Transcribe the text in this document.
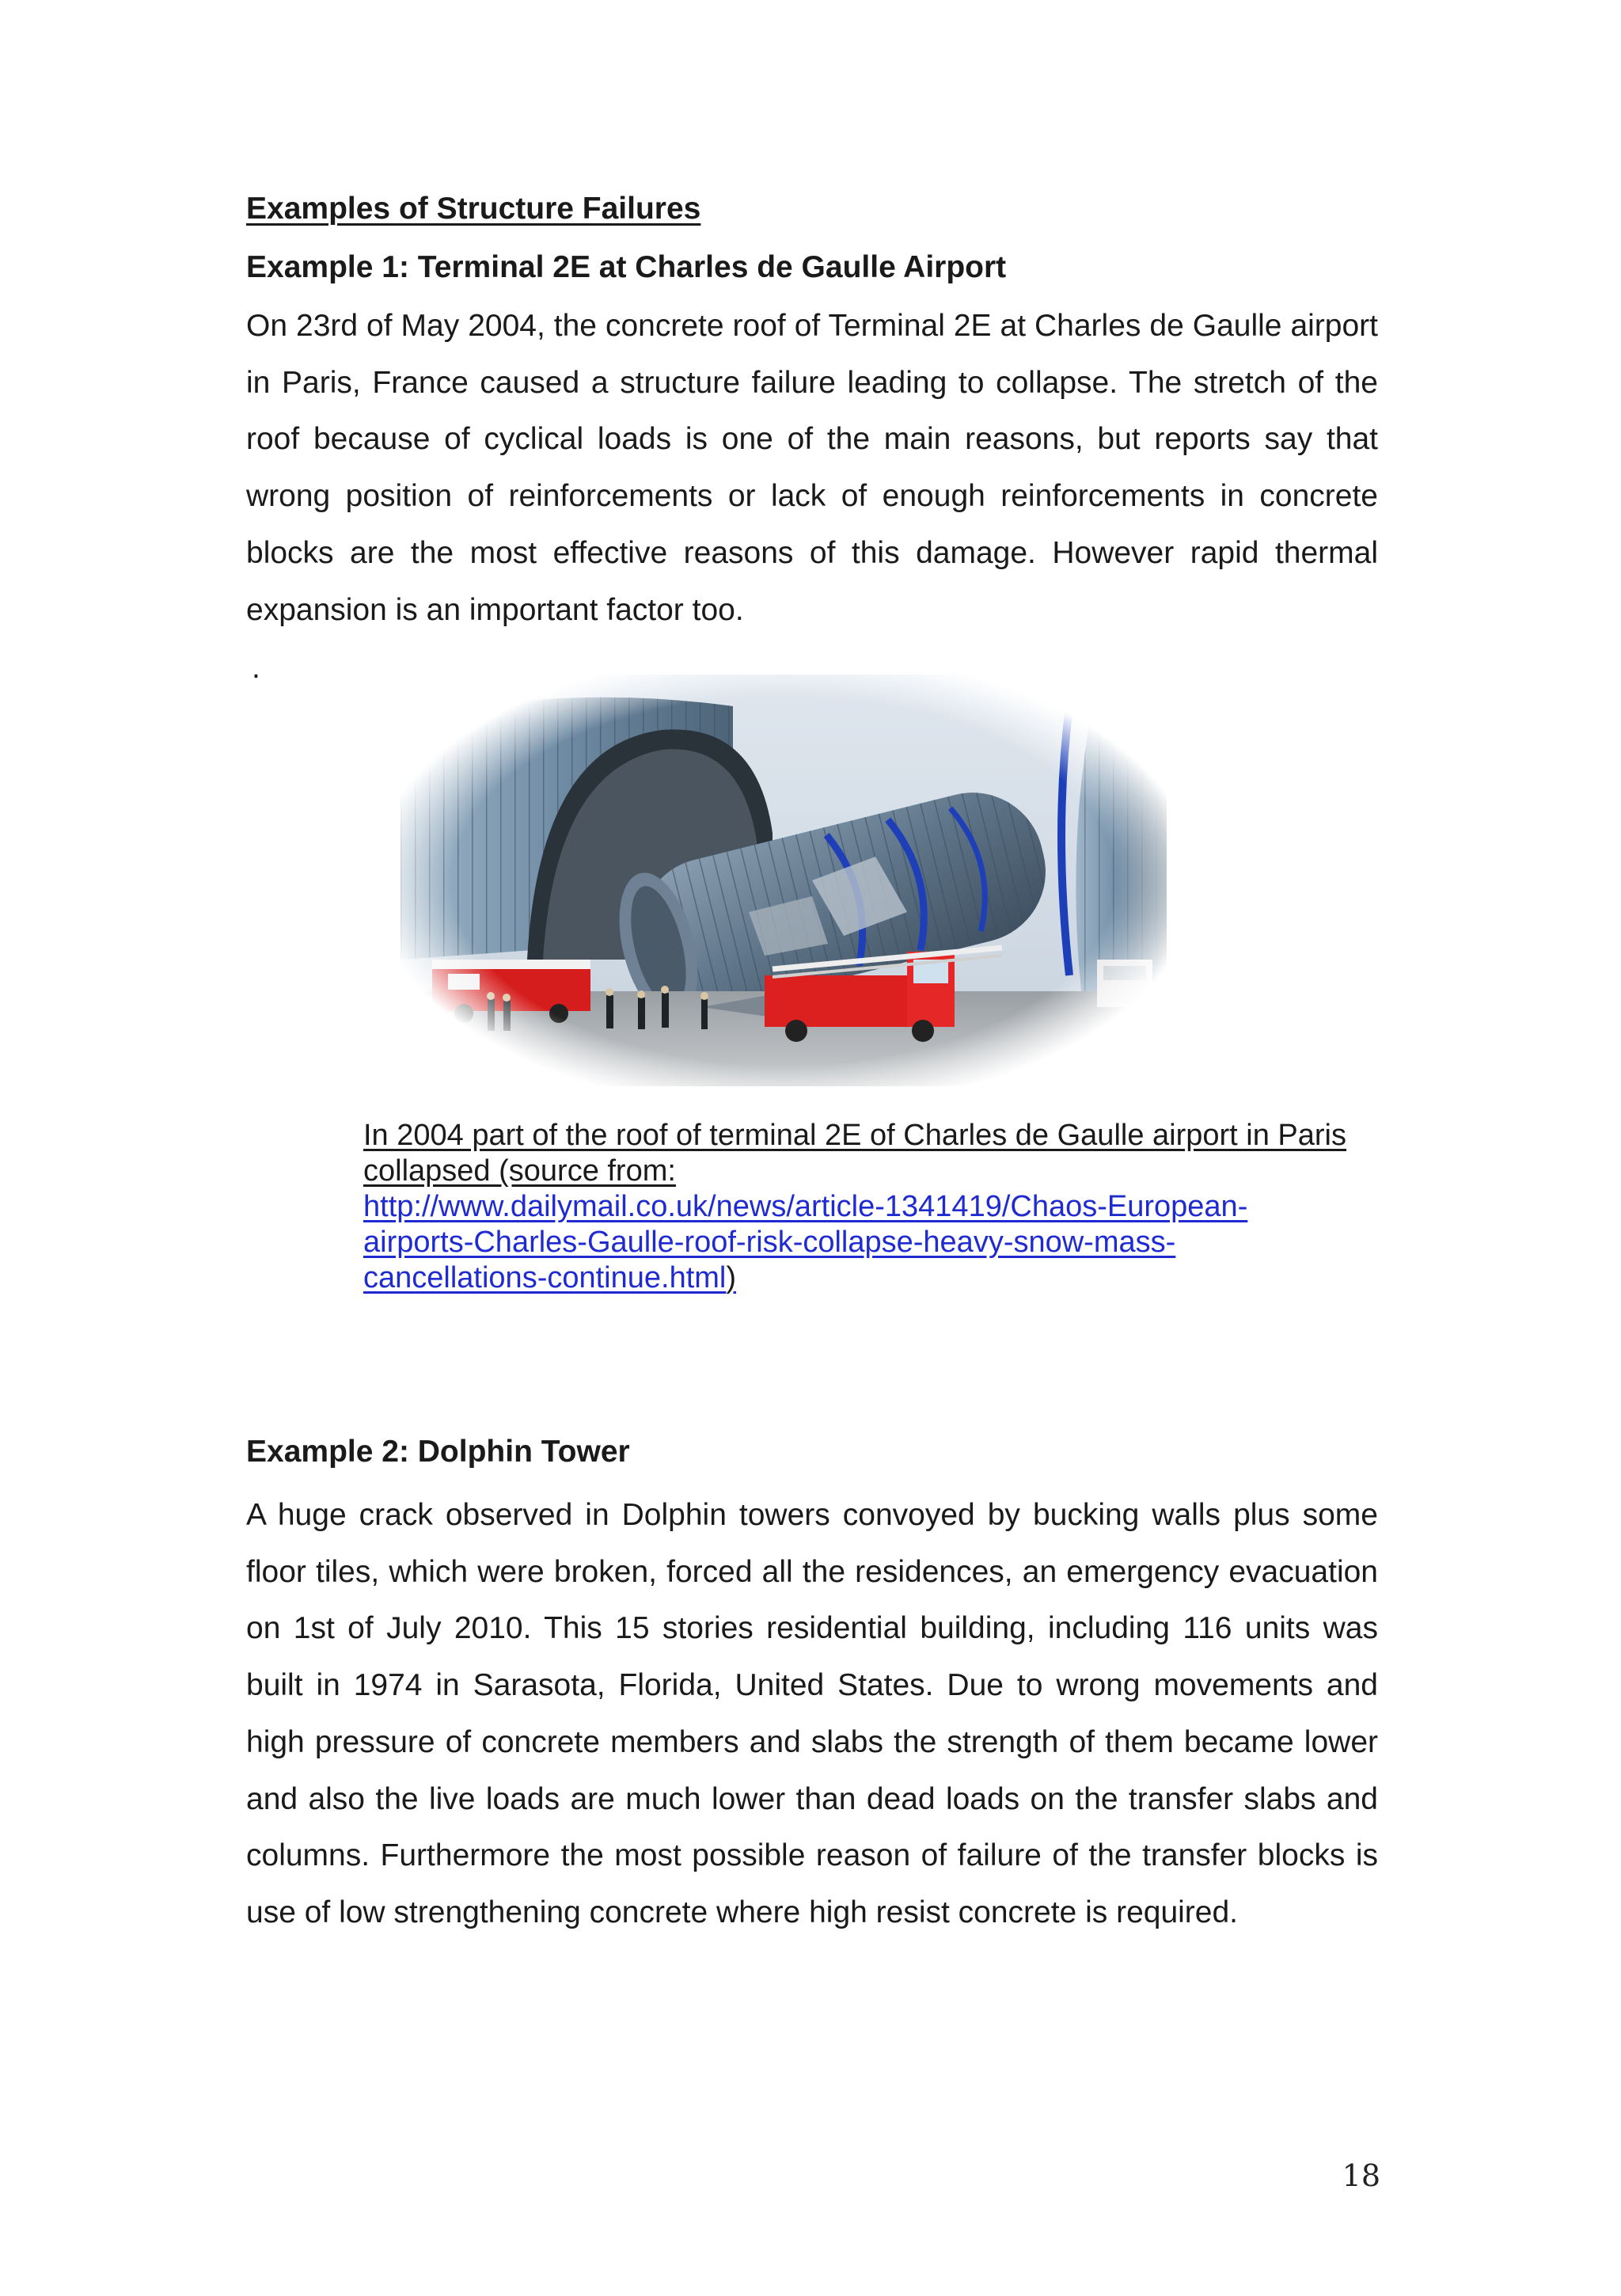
Examples of Structure Failures
Example 1: Terminal 2E at Charles de Gaulle Airport

On 23rd of May 2004, the concrete roof of Terminal 2E at Charles de Gaulle airport in Paris, France caused a structure failure leading to collapse. The stretch of the roof because of cyclical loads is one of the main reasons, but reports say that wrong position of reinforcements or lack of enough reinforcements in concrete blocks are the most effective reasons of this damage. However rapid thermal expansion is an important factor too.

.

In 2004 part of the roof of terminal 2E of Charles de Gaulle airport in Paris collapsed (source from:
http://www.dailymail.co.uk/news/article-1341419/Chaos-European-
airports-Charles-Gaulle-roof-risk-collapse-heavy-snow-mass-
cancellations-continue.html)

Example 2: Dolphin Tower

A huge crack observed in Dolphin towers convoyed by bucking walls plus some floor tiles, which were broken, forced all the residences, an emergency evacuation on 1st of July 2010. This 15 stories residential building, including 116 units was built in 1974 in Sarasota, Florida, United States. Due to wrong movements and high pressure of concrete members and slabs the strength of them became lower and also the live loads are much lower than dead loads on the transfer slabs and columns. Furthermore the most possible reason of failure of the transfer blocks is use of low strengthening concrete where high resist concrete is required.

18
